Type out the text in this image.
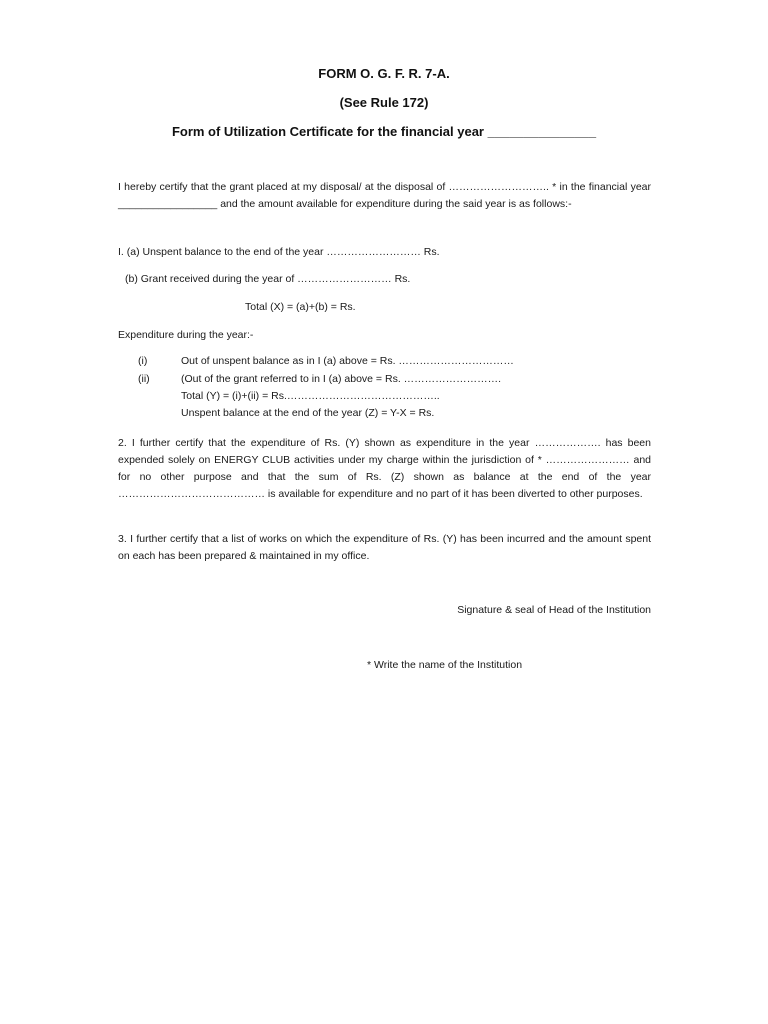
FORM O. G. F. R. 7-A.
(See Rule 172)
Form of Utilization Certificate for the financial year _______________
I hereby certify that the grant placed at my disposal/ at the disposal of ……………………….. * in the financial year _________________ and the amount available for expenditure during the said year is as follows:-
I. (a) Unspent balance to the end of the year ……………………… Rs.
(b) Grant received during the year of ……………………… Rs.
Total (X) = (a)+(b) = Rs.
Expenditure during the year:-
(i)	Out of unspent balance as in I (a) above = Rs. ……………………………
(ii)	(Out of the grant referred to in I (a) above = Rs. ……………………….
Total (Y) = (i)+(ii) = Rs.……………………………………..
Unspent balance at the end of the year (Z) = Y-X = Rs.
2. I further certify that the expenditure of Rs. (Y) shown as expenditure in the year ………………. has been expended solely on ENERGY CLUB activities under my charge within the jurisdiction of * …………………… and for no other purpose and that the sum of Rs. (Z) shown as balance at the end of the year …………………………………… is available for expenditure and no part of it has been diverted to other purposes.
3. I further certify that a list of works on which the expenditure of Rs. (Y) has been incurred and the amount spent on each has been prepared & maintained in my office.
Signature & seal of Head of the Institution
* Write the name of the Institution
